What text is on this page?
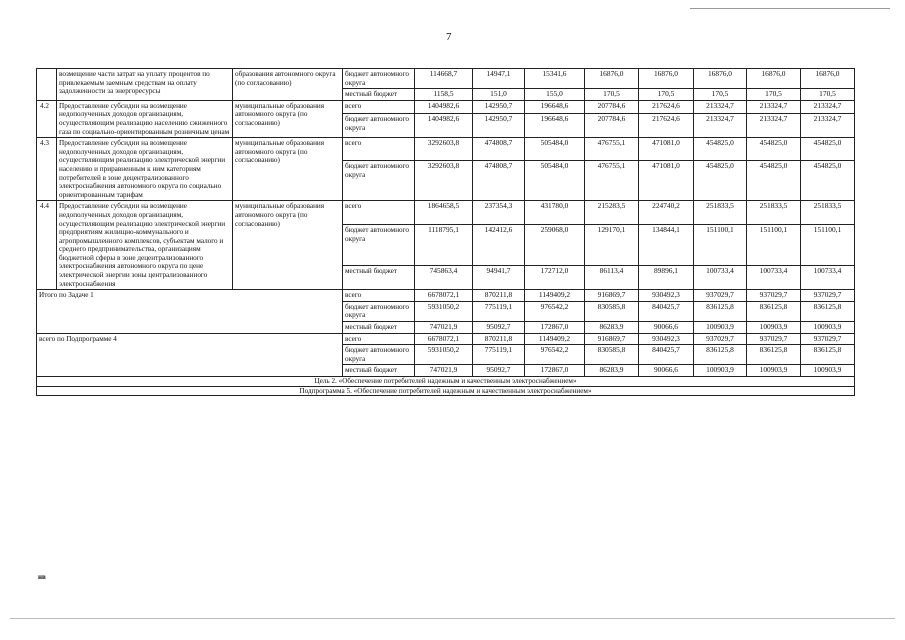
7
	возмещение части затрат на уплату процентов по привлекаемым заемным средствам на оплату задолженности за энергоресурсы	образования автономного округа (по согласованию)	бюджет автономного округа	114668,7	14947,1	15341,6	16876,0	16876,0	16876,0	16876,0	16876,0
			местный бюджет	1158,5	151,0	155,0	170,5	170,5	170,5	170,5	170,5
4.2	Предоставление субсидии на возмещение недополученных доходов организациям, осуществляющим реализацию населению сжиженного газа по социально-ориентированным розничным ценам	муниципальные образования автономного округа (по согласованию)	всего	1404982,6	142950,7	196648,6	207784,6	217624,6	213324,7	213324,7	213324,7
			бюджет автономного округа	1404982,6	142950,7	196648,6	207784,6	217624,6	213324,7	213324,7	213324,7
4.3	Предоставление субсидии на возмещение недополученных доходов организациям, осуществляющим реализацию электрической энергии населению и приравненным к ним категориям потребителей в зоне децентрализованного электроснабжения автономного округа по социально ориентированным тарифам	муниципальные образования автономного округа (по согласованию)	всего	3292603,8	474808,7	505484,0	476755,1	471081,0	454825,0	454825,0	454825,0
			бюджет автономного округа	3292603,8	474808,7	505484,0	476755,1	471081,0	454825,0	454825,0	454825,0
4.4	Предоставление субсидии на возмещение недополученных доходов организациям, осуществляющим реализацию электрической энергии предприятиям жилищно-коммунального и агропромышленного комплексов, субъектам малого и среднего предпринимательства, организациям бюджетной сферы в зоне децентрализованного электроснабжения автономного округа по цене электрической энергии зоны централизованного электроснабжения	муниципальные образования автономного округа (по согласованию)	всего	1864658,5	237354,3	431780,0	215283,5	224740,2	251833,5	251833,5	251833,5
			бюджет автономного округа	1118795,1	142412,6	259068,0	129170,1	134844,1	151100,1	151100,1	151100,1
			местный бюджет	745863,4	94941,7	172712,0	86113,4	89896,1	100733,4	100733,4	100733,4
Итого по Задаче 1			всего	6678072,1	870211,8	1149409,2	916869,7	930492,3	937029,7	937029,7	937029,7
			бюджет автономного округа	5931050,2	775119,1	976542,2	830585,8	840425,7	836125,8	836125,8	836125,8
			местный бюджет	747021,9	95092,7	172867,0	86283,9	90066,6	100903,9	100903,9	100903,9
всего по Подпрограмме 4			всего	6678072,1	870211,8	1149409,2	916869,7	930492,3	937029,7	937029,7	937029,7
			бюджет автономного округа	5931050,2	775119,1	976542,2	830585,8	840425,7	836125,8	836125,8	836125,8
			местный бюджет	747021,9	95092,7	172867,0	86283,9	90066,6	100903,9	100903,9	100903,9
Цель 2. «Обеспечение потребителей надежным и качественным электроснабжением»											
Подпрограмма 5. «Обеспечение потребителей надежным и качественным электроснабжением»											
нв
